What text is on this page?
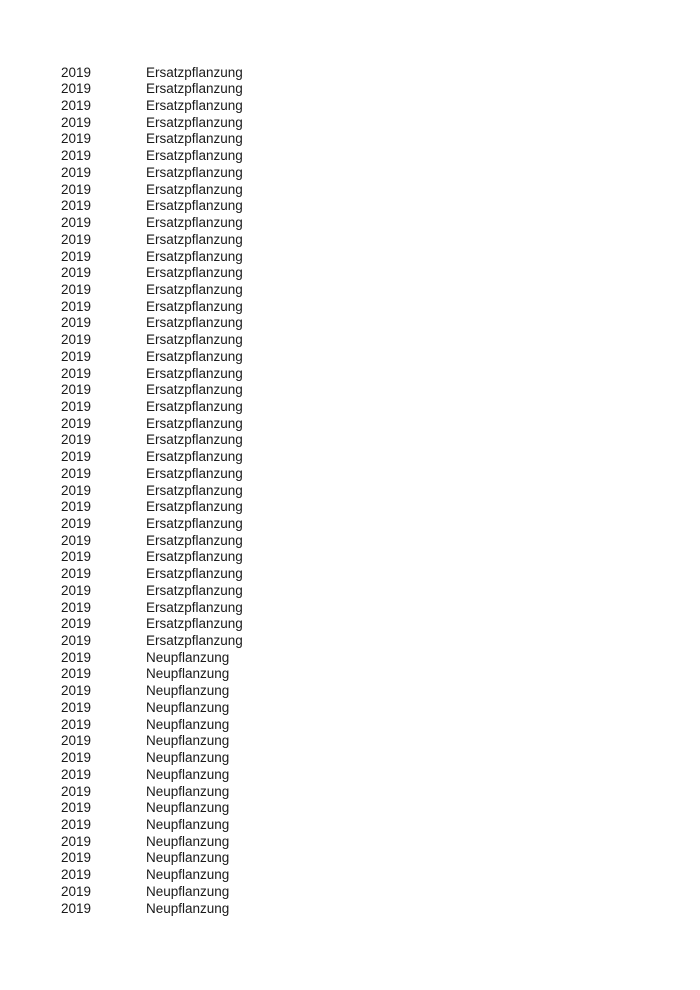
2019	Ersatzpflanzung
2019	Ersatzpflanzung
2019	Ersatzpflanzung
2019	Ersatzpflanzung
2019	Ersatzpflanzung
2019	Ersatzpflanzung
2019	Ersatzpflanzung
2019	Ersatzpflanzung
2019	Ersatzpflanzung
2019	Ersatzpflanzung
2019	Ersatzpflanzung
2019	Ersatzpflanzung
2019	Ersatzpflanzung
2019	Ersatzpflanzung
2019	Ersatzpflanzung
2019	Ersatzpflanzung
2019	Ersatzpflanzung
2019	Ersatzpflanzung
2019	Ersatzpflanzung
2019	Ersatzpflanzung
2019	Ersatzpflanzung
2019	Ersatzpflanzung
2019	Ersatzpflanzung
2019	Ersatzpflanzung
2019	Ersatzpflanzung
2019	Ersatzpflanzung
2019	Ersatzpflanzung
2019	Ersatzpflanzung
2019	Ersatzpflanzung
2019	Ersatzpflanzung
2019	Ersatzpflanzung
2019	Ersatzpflanzung
2019	Ersatzpflanzung
2019	Ersatzpflanzung
2019	Ersatzpflanzung
2019	Neupflanzung
2019	Neupflanzung
2019	Neupflanzung
2019	Neupflanzung
2019	Neupflanzung
2019	Neupflanzung
2019	Neupflanzung
2019	Neupflanzung
2019	Neupflanzung
2019	Neupflanzung
2019	Neupflanzung
2019	Neupflanzung
2019	Neupflanzung
2019	Neupflanzung
2019	Neupflanzung
2019	Neupflanzung
